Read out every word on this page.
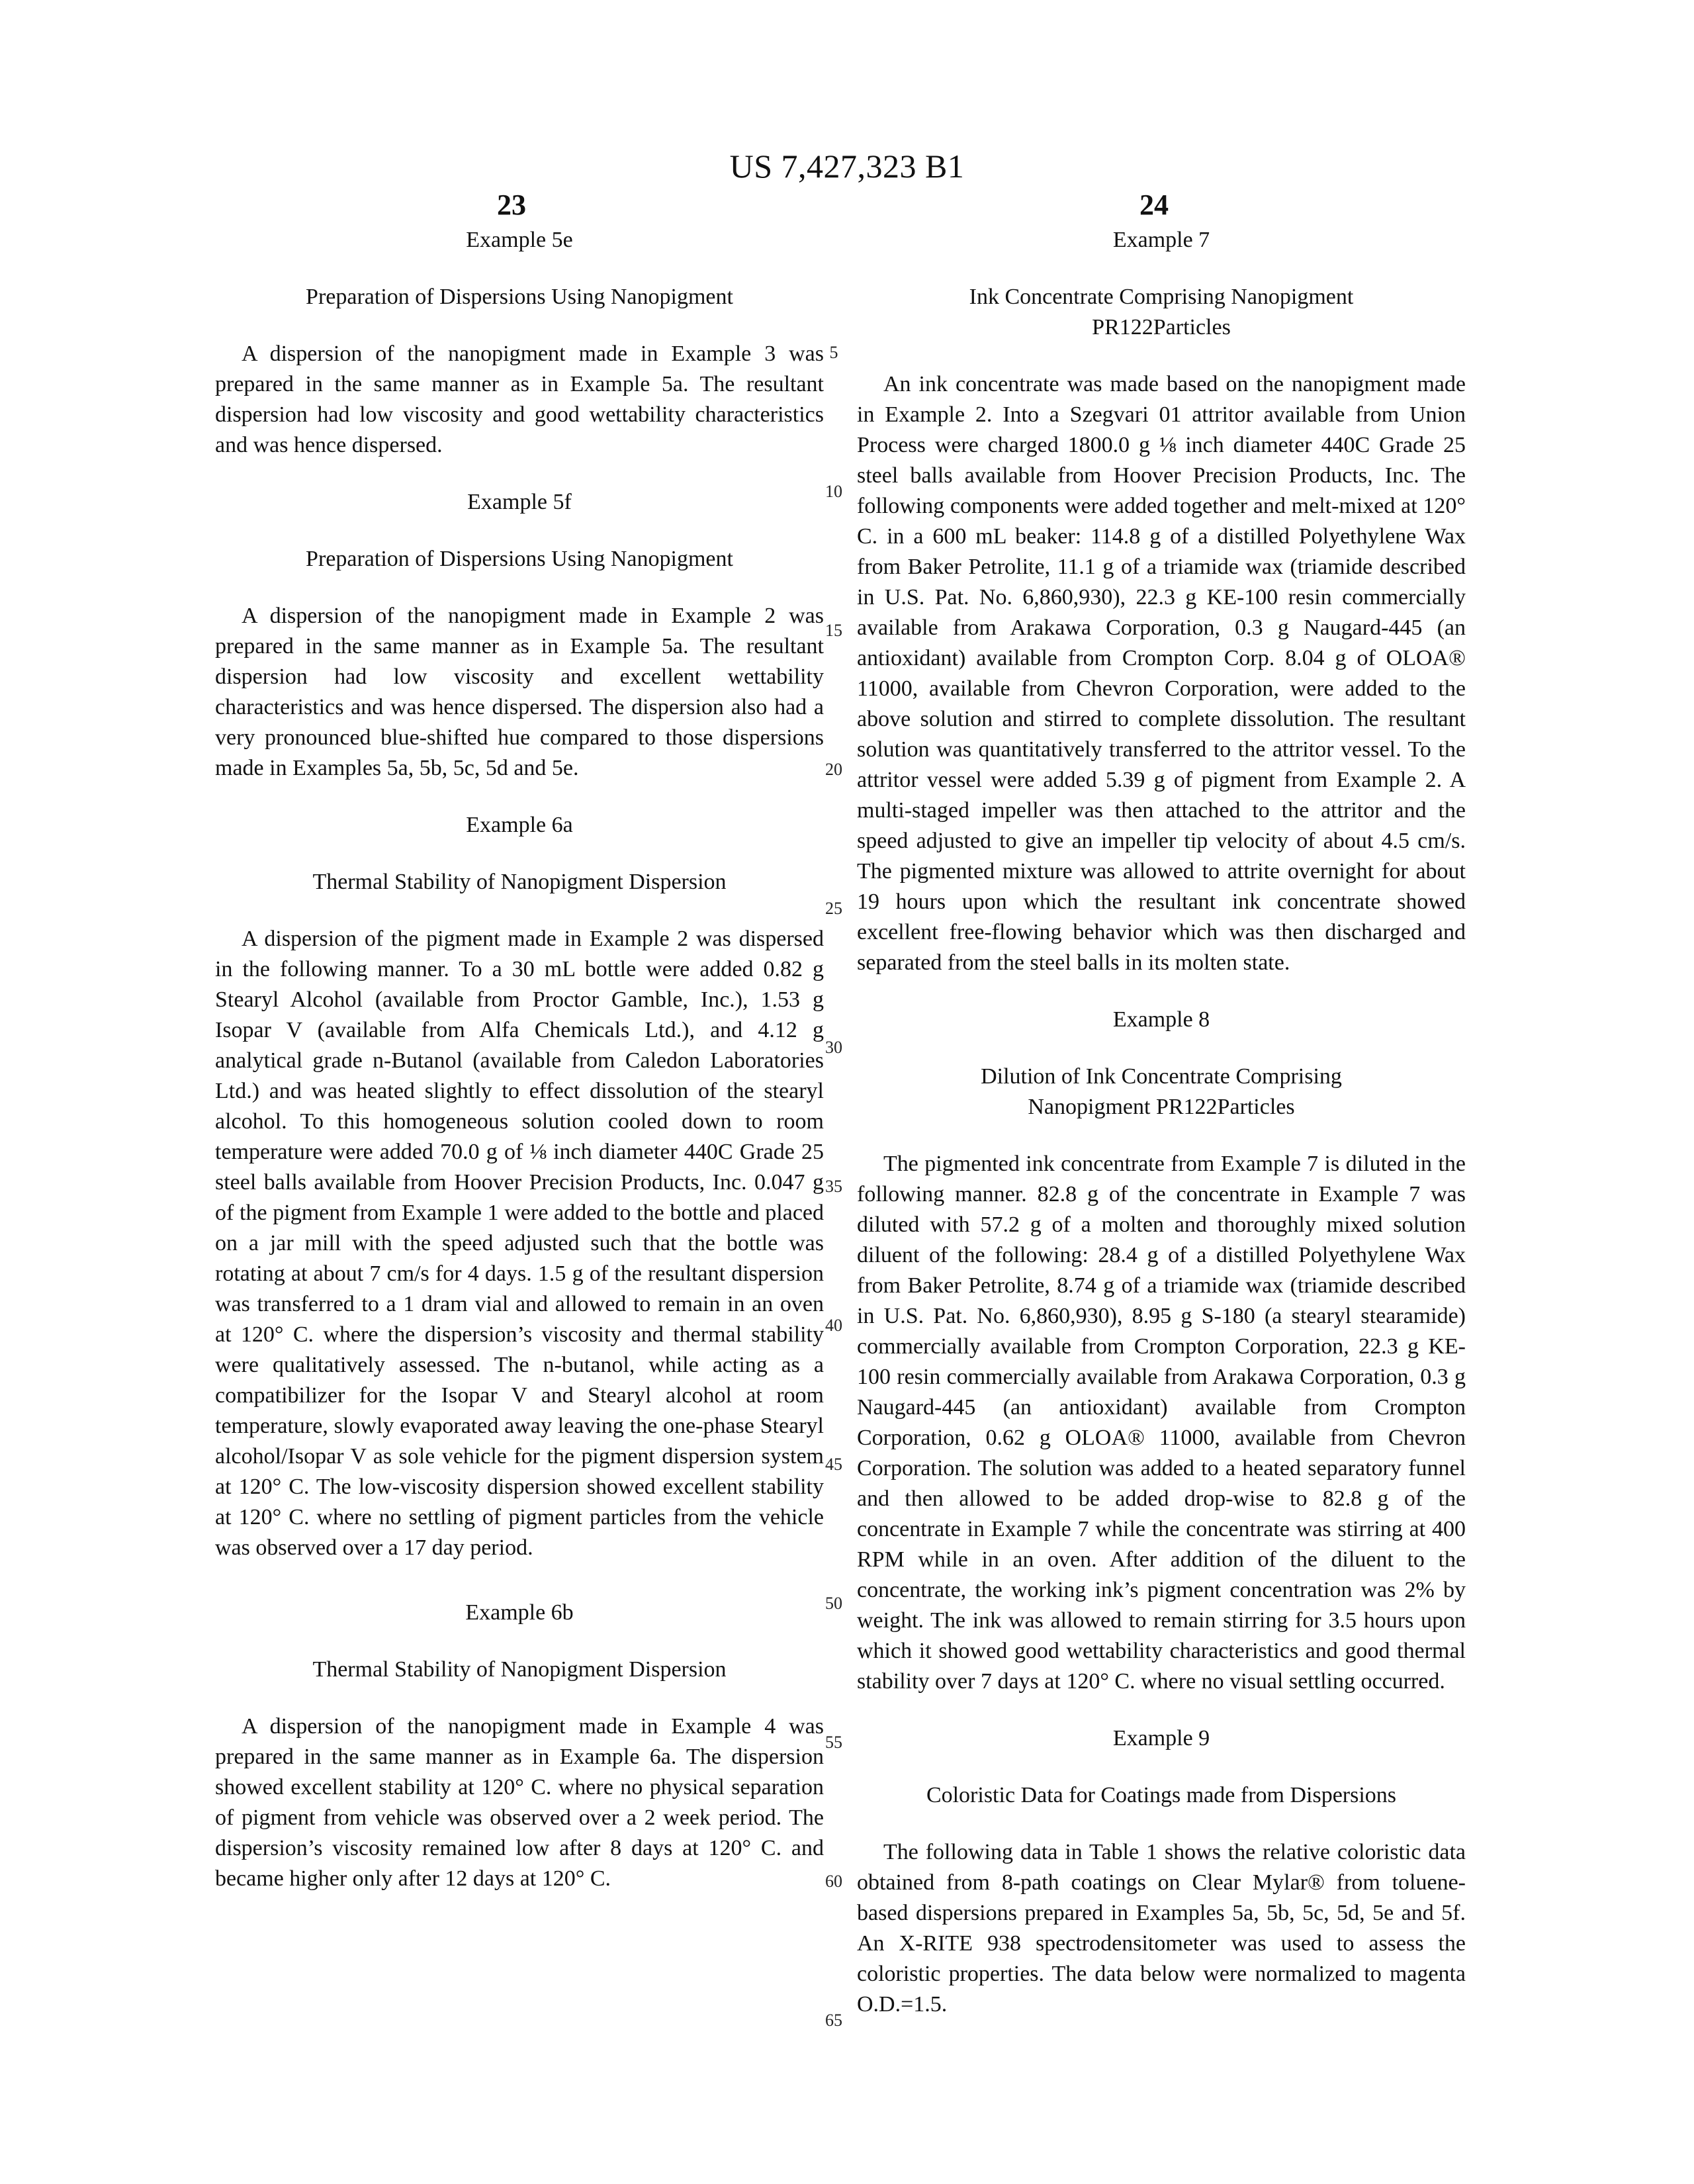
US 7,427,323 B1
23	24

Example 5e

Preparation of Dispersions Using Nanopigment

A dispersion of the nanopigment made in Example 3 was prepared in the same manner as in Example 5a. The resultant dispersion had low viscosity and good wettability characteristics and was hence dispersed.

Example 5f

Preparation of Dispersions Using Nanopigment

A dispersion of the nanopigment made in Example 2 was prepared in the same manner as in Example 5a. The resultant dispersion had low viscosity and excellent wettability characteristics and was hence dispersed. The dispersion also had a very pronounced blue-shifted hue compared to those dispersions made in Examples 5a, 5b, 5c, 5d and 5e.

Example 6a

Thermal Stability of Nanopigment Dispersion

A dispersion of the pigment made in Example 2 was dispersed in the following manner. To a 30 mL bottle were added 0.82 g Stearyl Alcohol (available from Proctor Gamble, Inc.), 1.53 g Isopar V (available from Alfa Chemicals Ltd.), and 4.12 g analytical grade n-Butanol (available from Caledon Laboratories Ltd.) and was heated slightly to effect dissolution of the stearyl alcohol. To this homogeneous solution cooled down to room temperature were added 70.0 g of ⅛ inch diameter 440C Grade 25 steel balls available from Hoover Precision Products, Inc. 0.047 g of the pigment from Example 1 were added to the bottle and placed on a jar mill with the speed adjusted such that the bottle was rotating at about 7 cm/s for 4 days. 1.5 g of the resultant dispersion was transferred to a 1 dram vial and allowed to remain in an oven at 120° C. where the dispersion’s viscosity and thermal stability were qualitatively assessed. The n-butanol, while acting as a compatibilizer for the Isopar V and Stearyl alcohol at room temperature, slowly evaporated away leaving the one-phase Stearyl alcohol/Isopar V as sole vehicle for the pigment dispersion system at 120° C. The low-viscosity dispersion showed excellent stability at 120° C. where no settling of pigment particles from the vehicle was observed over a 17 day period.

Example 6b

Thermal Stability of Nanopigment Dispersion

A dispersion of the nanopigment made in Example 4 was prepared in the same manner as in Example 6a. The dispersion showed excellent stability at 120° C. where no physical separation of pigment from vehicle was observed over a 2 week period. The dispersion’s viscosity remained low after 8 days at 120° C. and became higher only after 12 days at 120° C.

5
10
15
20
25
30
35
40
45
50
55
60
65

Example 7

Ink Concentrate Comprising Nanopigment

PR122Particles

An ink concentrate was made based on the nanopigment made in Example 2. Into a Szegvari 01 attritor available from Union Process were charged 1800.0 g ⅛ inch diameter 440C Grade 25 steel balls available from Hoover Precision Products, Inc. The following components were added together and melt-mixed at 120° C. in a 600 mL beaker: 114.8 g of a distilled Polyethylene Wax from Baker Petrolite, 11.1 g of a triamide wax (triamide described in U.S. Pat. No. 6,860,930), 22.3 g KE-100 resin commercially available from Arakawa Corporation, 0.3 g Naugard-445 (an antioxidant) available from Crompton Corp. 8.04 g of OLOA® 11000, available from Chevron Corporation, were added to the above solution and stirred to complete dissolution. The resultant solution was quantitatively transferred to the attritor vessel. To the attritor vessel were added 5.39 g of pigment from Example 2. A multi-staged impeller was then attached to the attritor and the speed adjusted to give an impeller tip velocity of about 4.5 cm/s. The pigmented mixture was allowed to attrite overnight for about 19 hours upon which the resultant ink concentrate showed excellent free-flowing behavior which was then discharged and separated from the steel balls in its molten state.

Example 8

Dilution of Ink Concentrate Comprising

Nanopigment PR122Particles

The pigmented ink concentrate from Example 7 is diluted in the following manner. 82.8 g of the concentrate in Example 7 was diluted with 57.2 g of a molten and thoroughly mixed solution diluent of the following: 28.4 g of a distilled Polyethylene Wax from Baker Petrolite, 8.74 g of a triamide wax (triamide described in U.S. Pat. No. 6,860,930), 8.95 g S-180 (a stearyl stearamide) commercially available from Crompton Corporation, 22.3 g KE-100 resin commercially available from Arakawa Corporation, 0.3 g Naugard-445 (an antioxidant) available from Crompton Corporation, 0.62 g OLOA® 11000, available from Chevron Corporation. The solution was added to a heated separatory funnel and then allowed to be added drop-wise to 82.8 g of the concentrate in Example 7 while the concentrate was stirring at 400 RPM while in an oven. After addition of the diluent to the concentrate, the working ink’s pigment concentration was 2% by weight. The ink was allowed to remain stirring for 3.5 hours upon which it showed good wettability characteristics and good thermal stability over 7 days at 120° C. where no visual settling occurred.

Example 9

Coloristic Data for Coatings made from Dispersions

The following data in Table 1 shows the relative coloristic data obtained from 8-path coatings on Clear Mylar® from toluene-based dispersions prepared in Examples 5a, 5b, 5c, 5d, 5e and 5f. An X-RITE 938 spectrodensitometer was used to assess the coloristic properties. The data below were normalized to magenta O.D.=1.5.
